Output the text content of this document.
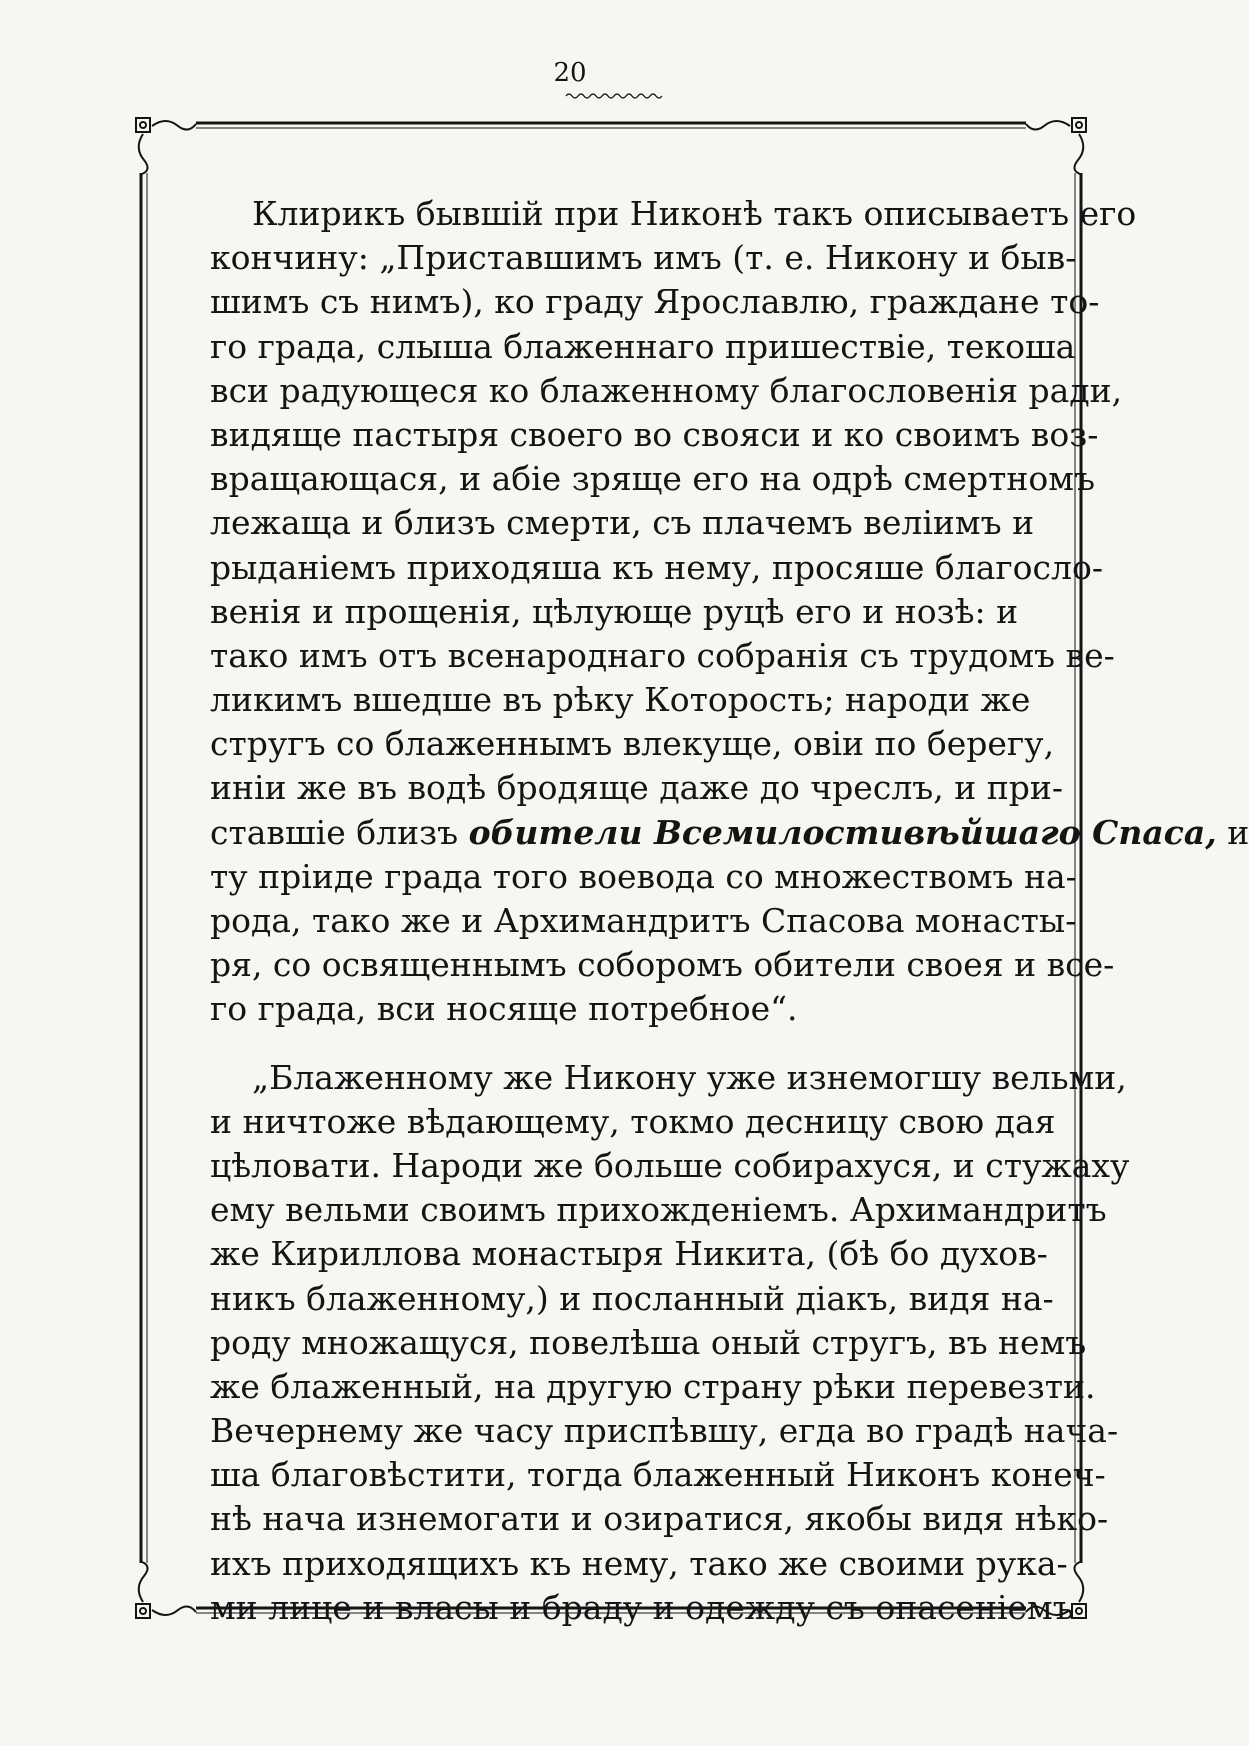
20
Клирикъ бывшій при Никонѣ такъ описываетъ его
кончину: „Приставшимъ имъ (т. е. Никону и быв-
шимъ съ нимъ), ко граду Ярославлю, граждане то-
го града, слыша блаженнаго пришествіе, текоша
вси радующеся ко блаженному благословенія ради,
видяще пастыря своего во свояси и ко своимъ воз-
вращающася, и абіе зряще его на одрѣ смертномъ
лежаща и близъ смерти, съ плачемъ веліимъ и
рыданіемъ приходяша къ нему, просяше благосло-
венія и прощенія, цѣлующе руцѣ его и нозѣ: и
тако имъ отъ всенароднаго собранія съ трудомъ ве-
ликимъ вшедше въ рѣку Которость; народи же
стругъ со блаженнымъ влекуще, овіи по берегу,
иніи же въ водѣ бродяще даже до чреслъ, и при-
ставшіе близъ обители Всемилостивѣйшаго Спаса, и
ту пріиде града того воевода со множествомъ на-
рода, тако же и Архимандритъ Спасова монасты-
ря, со освященнымъ соборомъ обители своея и все-
го града, вси носяще потребное“.
„Блаженному же Никону уже изнемогшу вельми,
и ничтоже вѣдающему, токмо десницу свою дая
цѣловати. Народи же больше собирахуся, и стужаху
ему вельми своимъ прихожденіемъ. Архимандритъ
же Кириллова монастыря Никита, (бѣ бо духов-
никъ блаженному,) и посланный діакъ, видя на-
роду множащуся, повелѣша оный стругъ, въ немъ
же блаженный, на другую страну рѣки перевезти.
Вечернему же часу приспѣвшу, егда во градѣ нача-
ша благовѣстити, тогда блаженный Никонъ конеч-
нѣ нача изнемогати и озиратися, якобы видя нѣко-
ихъ приходящихъ къ нему, тако же своими рука-
ми лице и власы и браду и одежду съ опасеніемъ
